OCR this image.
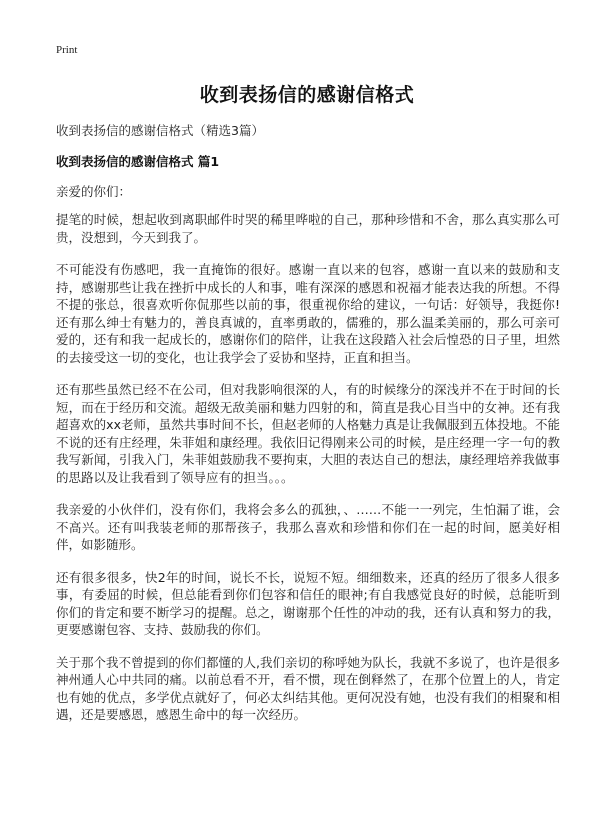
Print
收到表扬信的感谢信格式
收到表扬信的感谢信格式（精选3篇）
收到表扬信的感谢信格式 篇1
亲爱的你们：

提笔的时候，想起收到离职邮件时哭的稀里哗啦的自己，那种珍惜和不舍，那么真实那么可贵，没想到，今天到我了。

不可能没有伤感吧，我一直掩饰的很好。感谢一直以来的包容，感谢一直以来的鼓励和支持，感谢那些让我在挫折中成长的人和事，唯有深深的感恩和祝福才能表达我的所想。不得不提的张总，很喜欢听你侃那些以前的事，很重视你给的建议，一句话：好领导，我挺你!还有那么绅士有魅力的，善良真诚的，直率勇敢的，儒雅的，那么温柔美丽的，那么可亲可爱的，还有和我一起成长的，感谢你们的陪伴，让我在这段踏入社会后惶恐的日子里，坦然的去接受这一切的变化，也让我学会了妥协和坚持，正直和担当。

还有那些虽然已经不在公司，但对我影响很深的人，有的时候缘分的深浅并不在于时间的长短，而在于经历和交流。超级无敌美丽和魅力四射的和，简直是我心目当中的女神。还有我超喜欢的xx老师，虽然共事时间不长，但赵老师的人格魅力真是让我佩服到五体投地。不能不说的还有庄经理，朱菲姐和康经理。我依旧记得刚来公司的时候，是庄经理一字一句的教我写新闻，引我入门，朱菲姐鼓励我不要拘束，大胆的表达自己的想法，康经理培养我做事的思路以及让我看到了领导应有的担当。。。

我亲爱的小伙伴们，没有你们，我将会多么的孤独，、……不能一一列完，生怕漏了谁，会不高兴。还有叫我装老师的那帮孩子，我那么喜欢和珍惜和你们在一起的时间，愿美好相伴，如影随形。

还有很多很多，快2年的时间，说长不长，说短不短。细细数来，还真的经历了很多人很多事，有委屈的时候，但总能看到你们包容和信任的眼神;有自我感觉良好的时候，总能听到你们的肯定和要不断学习的提醒。总之，谢谢那个任性的冲动的我，还有认真和努力的我，更要感谢包容、支持、鼓励我的你们。

关于那个我不曾提到的你们都懂的人,我们亲切的称呼她为队长，我就不多说了，也许是很多神州通人心中共同的痛。以前总看不开，看不惯，现在倒释然了，在那个位置上的人，肯定也有她的优点，多学优点就好了，何必太纠结其他。更何况没有她，也没有我们的相聚和相遇，还是要感恩，感恩生命中的每一次经历。
